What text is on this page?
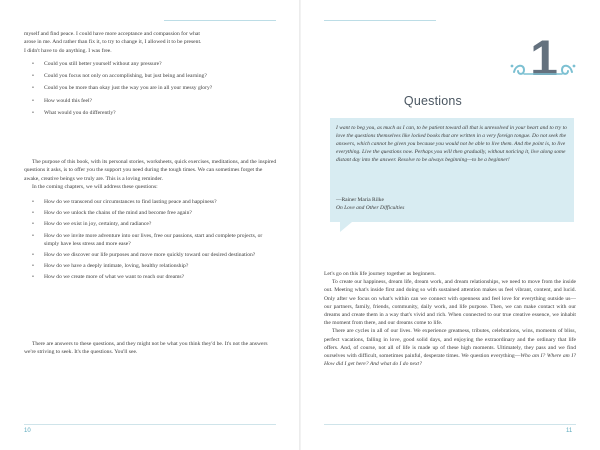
myself and find peace. I could have more acceptance and compassion for what

arose in me. And rather than fix it, to try to change it, I allowed it to be present.

I didn't have to do anything. I was free.

• Could you still better yourself without any pressure?
• Could you focus not only on accomplishing, but just being and learning?
• Could you be more than okay just the way you are in all your messy glory?
• How would this feel?
• What would you do differently?

The purpose of this book, with its personal stories, worksheets, quick exercises, meditations, and the inspired questions it asks, is to offer you the support you need during the tough times. We can sometimes forget the awake, creative beings we truly are. This is a loving reminder.

In the coming chapters, we will address these questions:

• How do we transcend our circumstances to find lasting peace and happiness?
• How do we unlock the chains of the mind and become free again?
• How do we exist in joy, certainty, and radiance?
• How do we invite more adventure into our lives, free our passions, start and complete projects, or simply have less stress and more ease?
• How do we discover our life purposes and move more quickly toward our desired destination?
• How do we have a deeply intimate, loving, healthy relationship?
• How do we create more of what we want to reach our dreams?
There are answers to these questions, and they might not be what you think they'd be. It's not the answers we're striving to seek. It's the questions. You'll see.
10
1
Questions
I want to beg you, as much as I can, to be patient toward all that is unresolved in your heart and to try to love the questions themselves like locked books that are written in a very foreign tongue. Do not seek the answers, which cannot be given you because you would not be able to live them. And the point is, to live everything. Live the questions now. Perhaps you will then gradually, without noticing it, live along some distant day into the answer. Resolve to be always beginning—to be a beginner!
—Rainer Maria Rilke
On Love and Other Difficulties

Let's go on this life journey together as beginners.

To create our happiness, dream life, dream work, and dream relationships, we need to move from the inside out. Meeting what's inside first and doing so with sustained attention makes us feel vibrant, content, and lucid. Only after we focus on what's within can we connect with openness and feel love for everything outside us—our partners, family, friends, community, daily work, and life purpose. Then, we can make contact with our dreams and create them in a way that's vivid and rich. When connected to our true creative essence, we inhabit the moment from there, and our dreams come to life.

There are cycles in all of our lives. We experience greatness, tributes, celebrations, wins, moments of bliss, perfect vacations, falling in love, good solid days, and enjoying the extraordinary and the ordinary that life offers. And, of course, not all of life is made up of these high moments. Ultimately, they pass and we find ourselves with difficult, sometimes painful, desperate times. We question everything—Who am I? Where am I? How did I get here? And what do I do next?

11
